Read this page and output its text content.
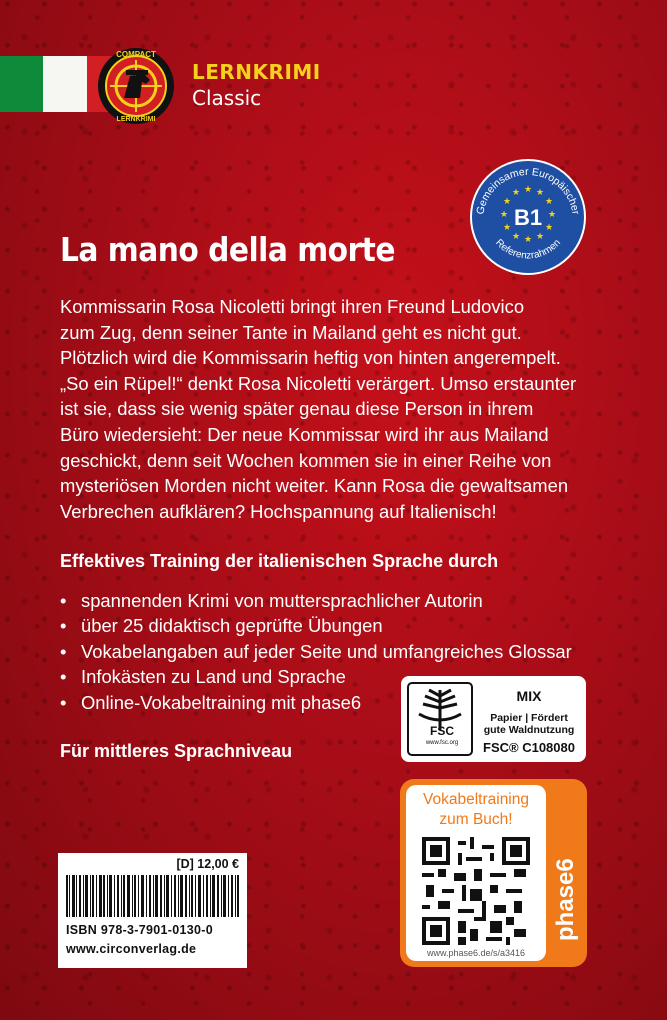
COMPACT
LERNKRIMI
LERNKRIMI
Classic
Gemeinsamer Europäischer
Referenzrahmen
★ ★
★
★
★
★
★
★
★
★
★
★
B1
La mano della morte
Kommissarin Rosa Nicoletti bringt ihren Freund Ludovico
zum Zug, denn seiner Tante in Mailand geht es nicht gut.
Plötzlich wird die Kommissarin heftig von hinten angerempelt.
„So ein Rüpel!“ denkt Rosa Nicoletti verärgert. Umso erstaunter
ist sie, dass sie wenig später genau diese Person in ihrem
Büro wiedersieht: Der neue Kommissar wird ihr aus Mailand
geschickt, denn seit Wochen kommen sie in einer Reihe von
mysteriösen Morden nicht weiter. Kann Rosa die gewaltsamen
Verbrechen aufklären? Hochspannung auf Italienisch!
Effektives Training der italienischen Sprache durch
• spannenden Krimi von muttersprachlicher Autorin
• über 25 didaktisch geprüfte Übungen
• Vokabelangaben auf jeder Seite und umfangreiches Glossar
• Infokästen zu Land und Sprache
• Online-Vokabeltraining mit phase6
Für mittleres Sprachniveau
FSC
www.fsc.org
MIX
Papier | Fördert
gute Waldnutzung
FSC® C108080
Vokabeltraining
zum Buch!
www.phase6.de/s/a3416
phase6
[D] 12,00 €
ISBN 978-3-7901-0130-0
www.circonverlag.de
